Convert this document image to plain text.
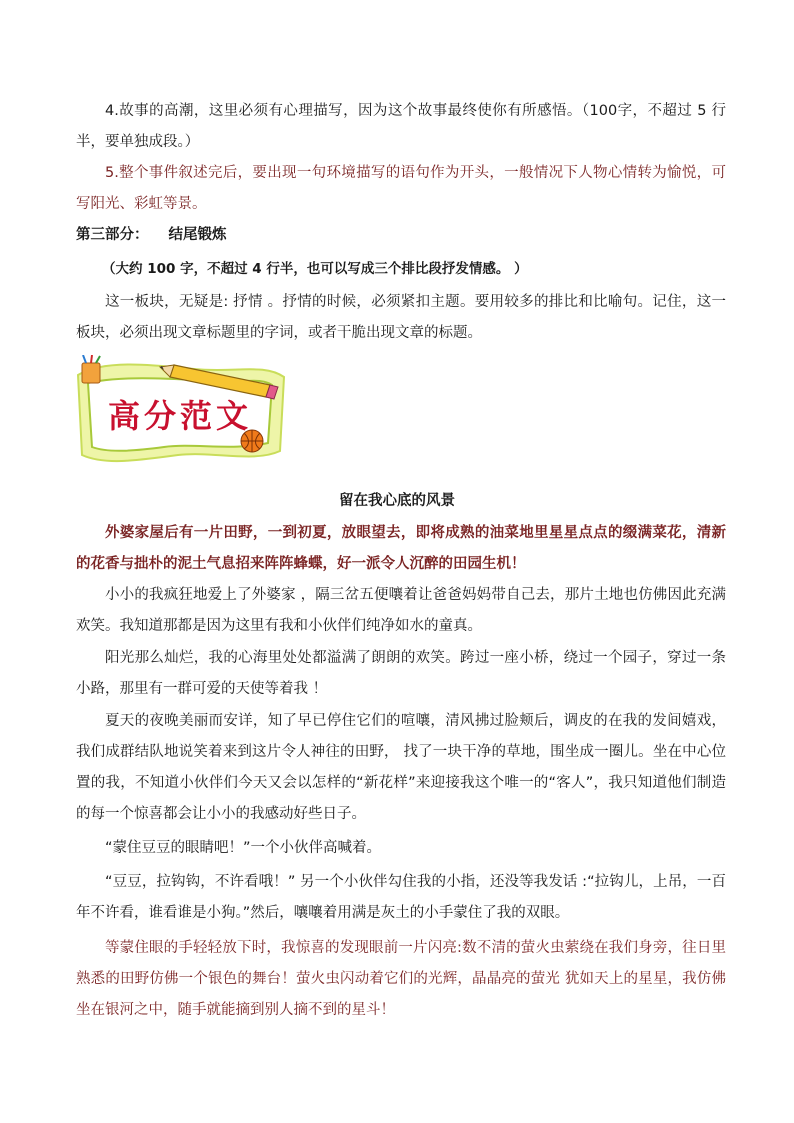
4.故事的高潮，这里必须有心理描写，因为这个故事最终使你有所感悟。（100字，不超过 5 行半，要单独成段。）

5.整个事件叙述完后，要出现一句环境描写的语句作为开头，一般情况下人物心情转为愉悦，可写阳光、彩虹等景。

第三部分： 结尾锻炼
（大约 100 字，不超过 4 行半，也可以写成三个排比段抒发情感。 ）

这一板块，无疑是: 抒情 。抒情的时候，必须紧扣主题。要用较多的排比和比喻句。记住，这一板块，必须出现文章标题里的字词，或者干脆出现文章的标题。

高分范文
留在我心底的风景

外婆家屋后有一片田野，一到初夏，放眼望去，即将成熟的油菜地里星星点点的缀满菜花，清新的花香与拙朴的泥土气息招来阵阵蜂蝶，好一派令人沉醉的田园生机！

小小的我疯狂地爱上了外婆家 ，隔三岔五便嚷着让爸爸妈妈带自己去，那片土地也仿佛因此充满欢笑。我知道那都是因为这里有我和小伙伴们纯净如水的童真。

阳光那么灿烂，我的心海里处处都溢满了朗朗的欢笑。跨过一座小桥，绕过一个园子，穿过一条小路，那里有一群可爱的天使等着我 ！

夏天的夜晚美丽而安详，知了早已停住它们的喧嚷，清风拂过脸颊后，调皮的在我的发间嬉戏，我们成群结队地说笑着来到这片令人神往的田野， 找了一块干净的草地，围坐成一圈儿。坐在中心位置的我，不知道小伙伴们今天又会以怎样的“新花样”来迎接我这个唯一的“客人”，我只知道他们制造的每一个惊喜都会让小小的我感动好些日子。

“蒙住豆豆的眼睛吧！”一个小伙伴高喊着。

“豆豆，拉钩钩，不许看哦！” 另一个小伙伴勾住我的小指，还没等我发话 :“拉钩儿，上吊，一百年不许看，谁看谁是小狗。”然后，嚷嚷着用满是灰土的小手蒙住了我的双眼。

等蒙住眼的手轻轻放下时，我惊喜的发现眼前一片闪亮:数不清的萤火虫萦绕在我们身旁，往日里熟悉的田野仿佛一个银色的舞台！萤火虫闪动着它们的光辉，晶晶亮的萤光 犹如天上的星星，我仿佛坐在银河之中，随手就能摘到别人摘不到的星斗！
